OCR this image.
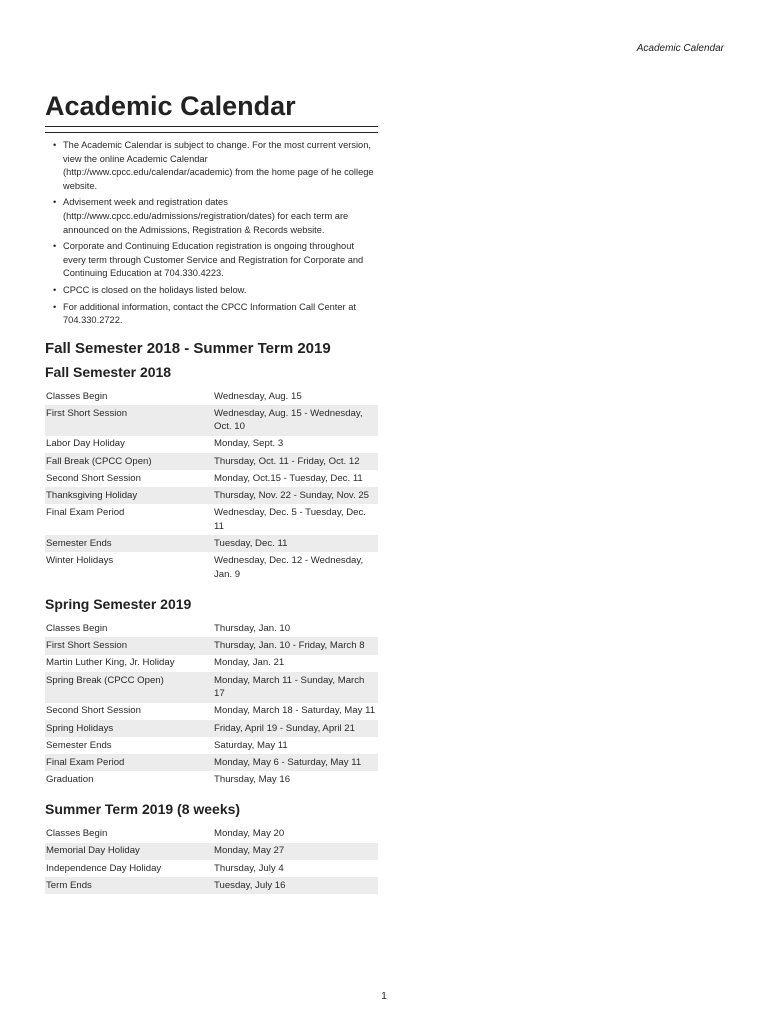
Academic Calendar
Academic Calendar
• The Academic Calendar is subject to change. For the most current version, view the online Academic Calendar (http://www.cpcc.edu/calendar/academic) from the home page of he college website.
• Advisement week and registration dates (http://www.cpcc.edu/admissions/registration/dates) for each term are announced on the Admissions, Registration & Records website.
• Corporate and Continuing Education registration is ongoing throughout every term through Customer Service and Registration for Corporate and Continuing Education at 704.330.4223.
• CPCC is closed on the holidays listed below.
• For additional information, contact the CPCC Information Call Center at 704.330.2722.
Fall Semester 2018 - Summer Term 2019
Fall Semester 2018
Classes Begin	Wednesday, Aug. 15
First Short Session	Wednesday, Aug. 15 - Wednesday, Oct. 10
Labor Day Holiday	Monday, Sept. 3
Fall Break (CPCC Open)	Thursday, Oct. 11 - Friday, Oct. 12
Second Short Session	Monday, Oct.15 - Tuesday, Dec. 11
Thanksgiving Holiday	Thursday, Nov. 22 - Sunday, Nov. 25
Final Exam Period	Wednesday, Dec. 5 - Tuesday, Dec. 11
Semester Ends	Tuesday, Dec. 11
Winter Holidays	Wednesday, Dec. 12 - Wednesday, Jan. 9
Spring Semester 2019
Classes Begin	Thursday, Jan. 10
First Short Session	Thursday, Jan. 10 - Friday, March 8
Martin Luther King, Jr. Holiday	Monday, Jan. 21
Spring Break (CPCC Open)	Monday, March 11 - Sunday, March 17
Second Short Session	Monday, March 18 - Saturday, May 11
Spring Holidays	Friday, April 19 - Sunday, April 21
Semester Ends	Saturday, May 11
Final Exam Period	Monday, May 6 - Saturday, May 11
Graduation	Thursday, May 16
Summer Term 2019 (8 weeks)
Classes Begin	Monday, May 20
Memorial Day Holiday	Monday, May 27
Independence Day Holiday	Thursday, July 4
Term Ends	Tuesday, July 16
1
